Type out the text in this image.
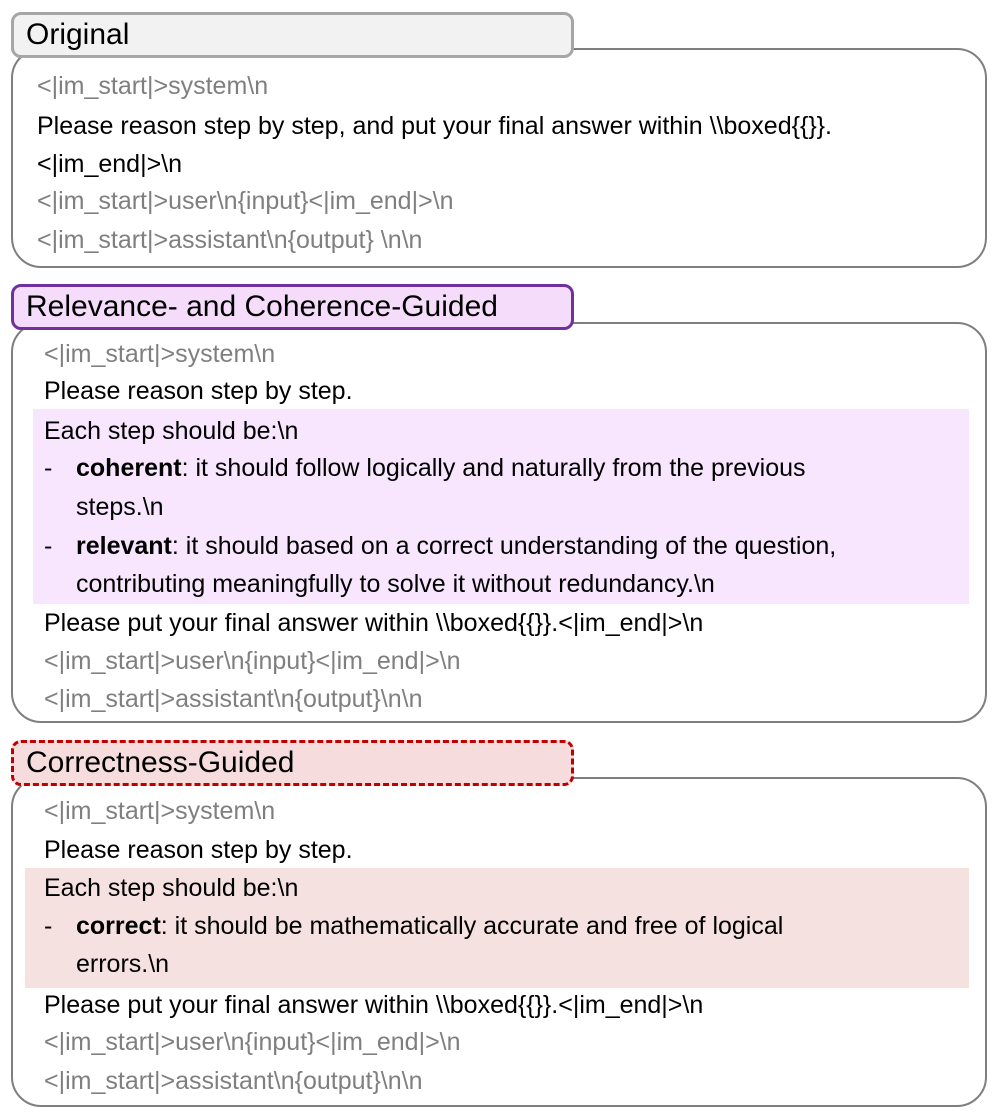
Original
<|im_start|>system\n
Please reason step by step, and put your final answer within \\boxed{{}}.
<|im_end|>\n
<|im_start|>user\n{input}<|im_end|>\n
<|im_start|>assistant\n{output} \n\n
Relevance- and Coherence-Guided
<|im_start|>system\n
Please reason step by step.
Each step should be:\n
- coherent: it should follow logically and naturally from the previous
steps.\n
- relevant: it should based on a correct understanding of the question,
contributing meaningfully to solve it without redundancy.\n
Please put your final answer within \\boxed{{}}.<|im_end|>\n
<|im_start|>user\n{input}<|im_end|>\n
<|im_start|>assistant\n{output}\n\n
Correctness-Guided
<|im_start|>system\n
Please reason step by step.
Each step should be:\n
- correct: it should be mathematically accurate and free of logical
errors.\n
Please put your final answer within \\boxed{{}}.<|im_end|>\n
<|im_start|>user\n{input}<|im_end|>\n
<|im_start|>assistant\n{output}\n\n
